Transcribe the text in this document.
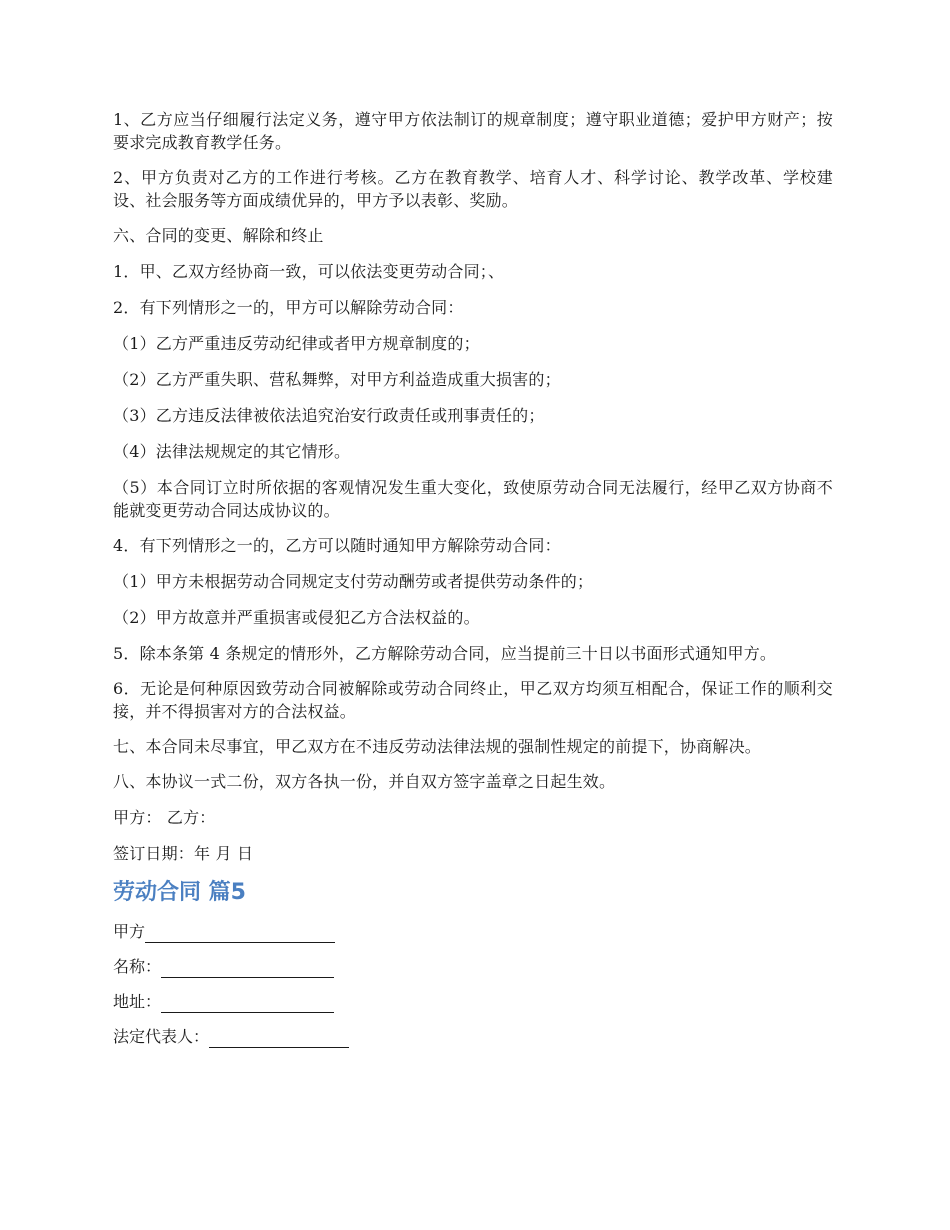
1、乙方应当仔细履行法定义务，遵守甲方依法制订的规章制度；遵守职业道德；爱护甲方财产；按要求完成教育教学任务。

2、甲方负责对乙方的工作进行考核。乙方在教育教学、培育人才、科学讨论、教学改革、学校建设、社会服务等方面成绩优异的，甲方予以表彰、奖励。

六、合同的变更、解除和终止

1．甲、乙双方经协商一致，可以依法变更劳动合同；、

2．有下列情形之一的，甲方可以解除劳动合同：

（1）乙方严重违反劳动纪律或者甲方规章制度的；

（2）乙方严重失职、营私舞弊，对甲方利益造成重大损害的；

（3）乙方违反法律被依法追究治安行政责任或刑事责任的；

（4）法律法规规定的其它情形。

（5）本合同订立时所依据的客观情况发生重大变化，致使原劳动合同无法履行，经甲乙双方协商不能就变更劳动合同达成协议的。

4．有下列情形之一的，乙方可以随时通知甲方解除劳动合同：

（1）甲方未根据劳动合同规定支付劳动酬劳或者提供劳动条件的；

（2）甲方故意并严重损害或侵犯乙方合法权益的。

5．除本条第 4 条规定的情形外，乙方解除劳动合同，应当提前三十日以书面形式通知甲方。

6．无论是何种原因致劳动合同被解除或劳动合同终止，甲乙双方均须互相配合，保证工作的顺利交接，并不得损害对方的合法权益。

七、本合同未尽事宜，甲乙双方在不违反劳动法律法规的强制性规定的前提下，协商解决。

八、本协议一式二份，双方各执一份，并自双方签字盖章之日起生效。

甲方： 乙方：

签订日期：年 月 日

劳动合同 篇5
甲方
名称：
地址：
法定代表人：
